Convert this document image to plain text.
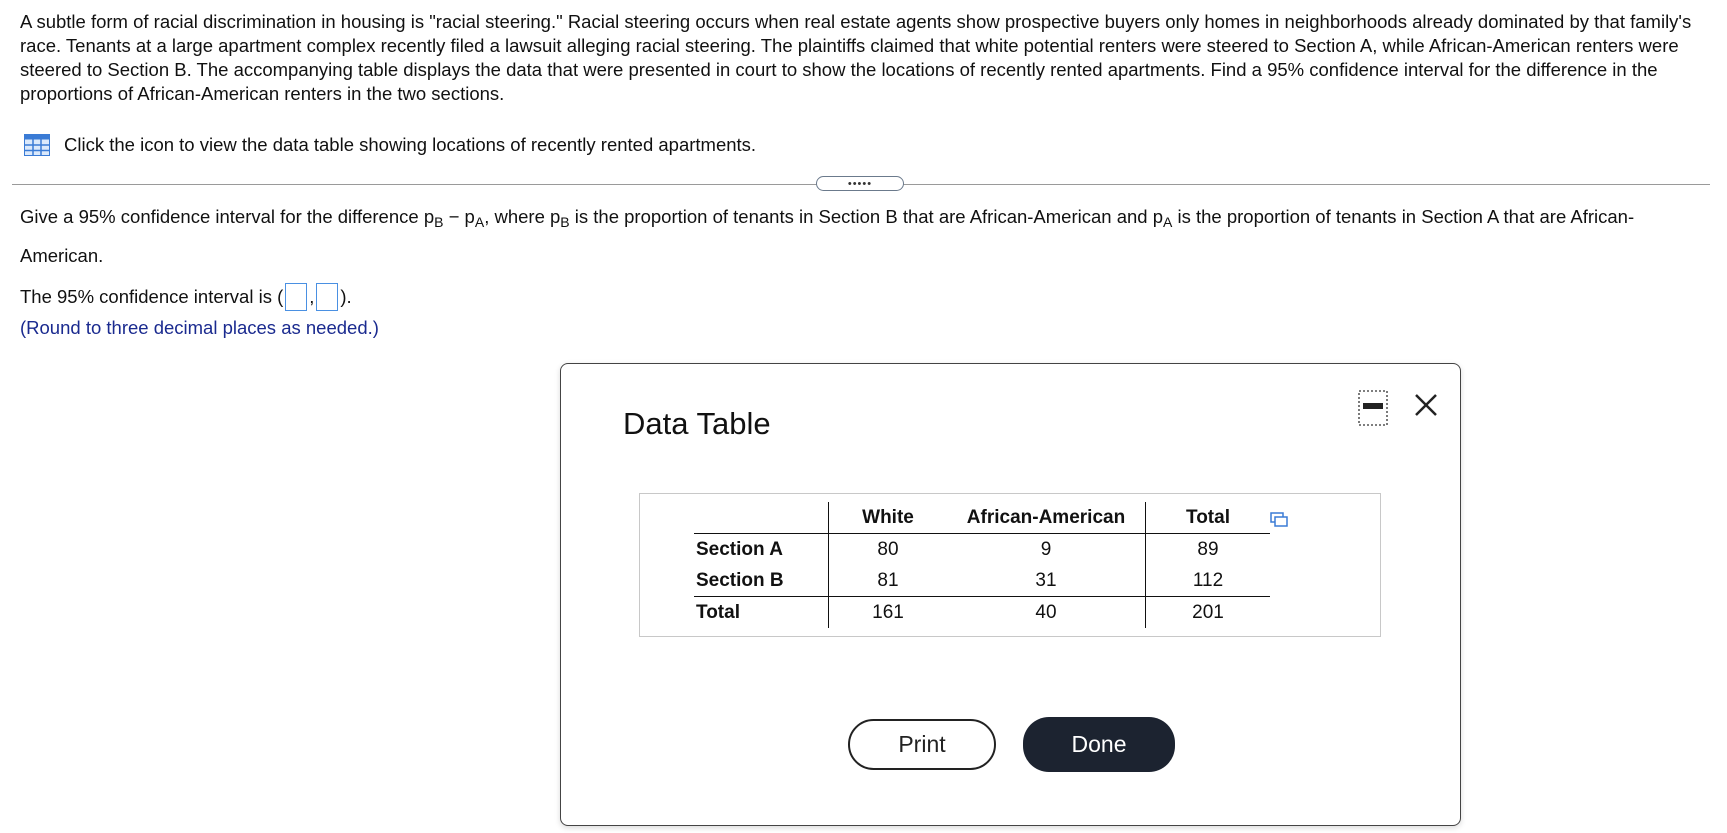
A subtle form of racial discrimination in housing is "racial steering." Racial steering occurs when real estate agents show prospective buyers only homes in neighborhoods already dominated by that family's race. Tenants at a large apartment complex recently filed a lawsuit alleging racial steering. The plaintiffs claimed that white potential renters were steered to Section A, while African-American renters were steered to Section B. The accompanying table displays the data that were presented in court to show the locations of recently rented apartments. Find a 95% confidence interval for the difference in the proportions of African-American renters in the two sections.
Click the icon to view the data table showing locations of recently rented apartments.
•••••
Give a 95% confidence interval for the difference $p_B - p_A$, where $p_B$ is the proportion of tenants in Section B that are African-American and $p_A$ is the proportion of tenants in Section A that are African-American.
The 95% confidence interval is ( , ).
(Round to three decimal places as needed.)
Data Table
	White	African-American	Total
Section A	80	9	89
Section B	81	31	112
Total	161	40	201
Print	Done
